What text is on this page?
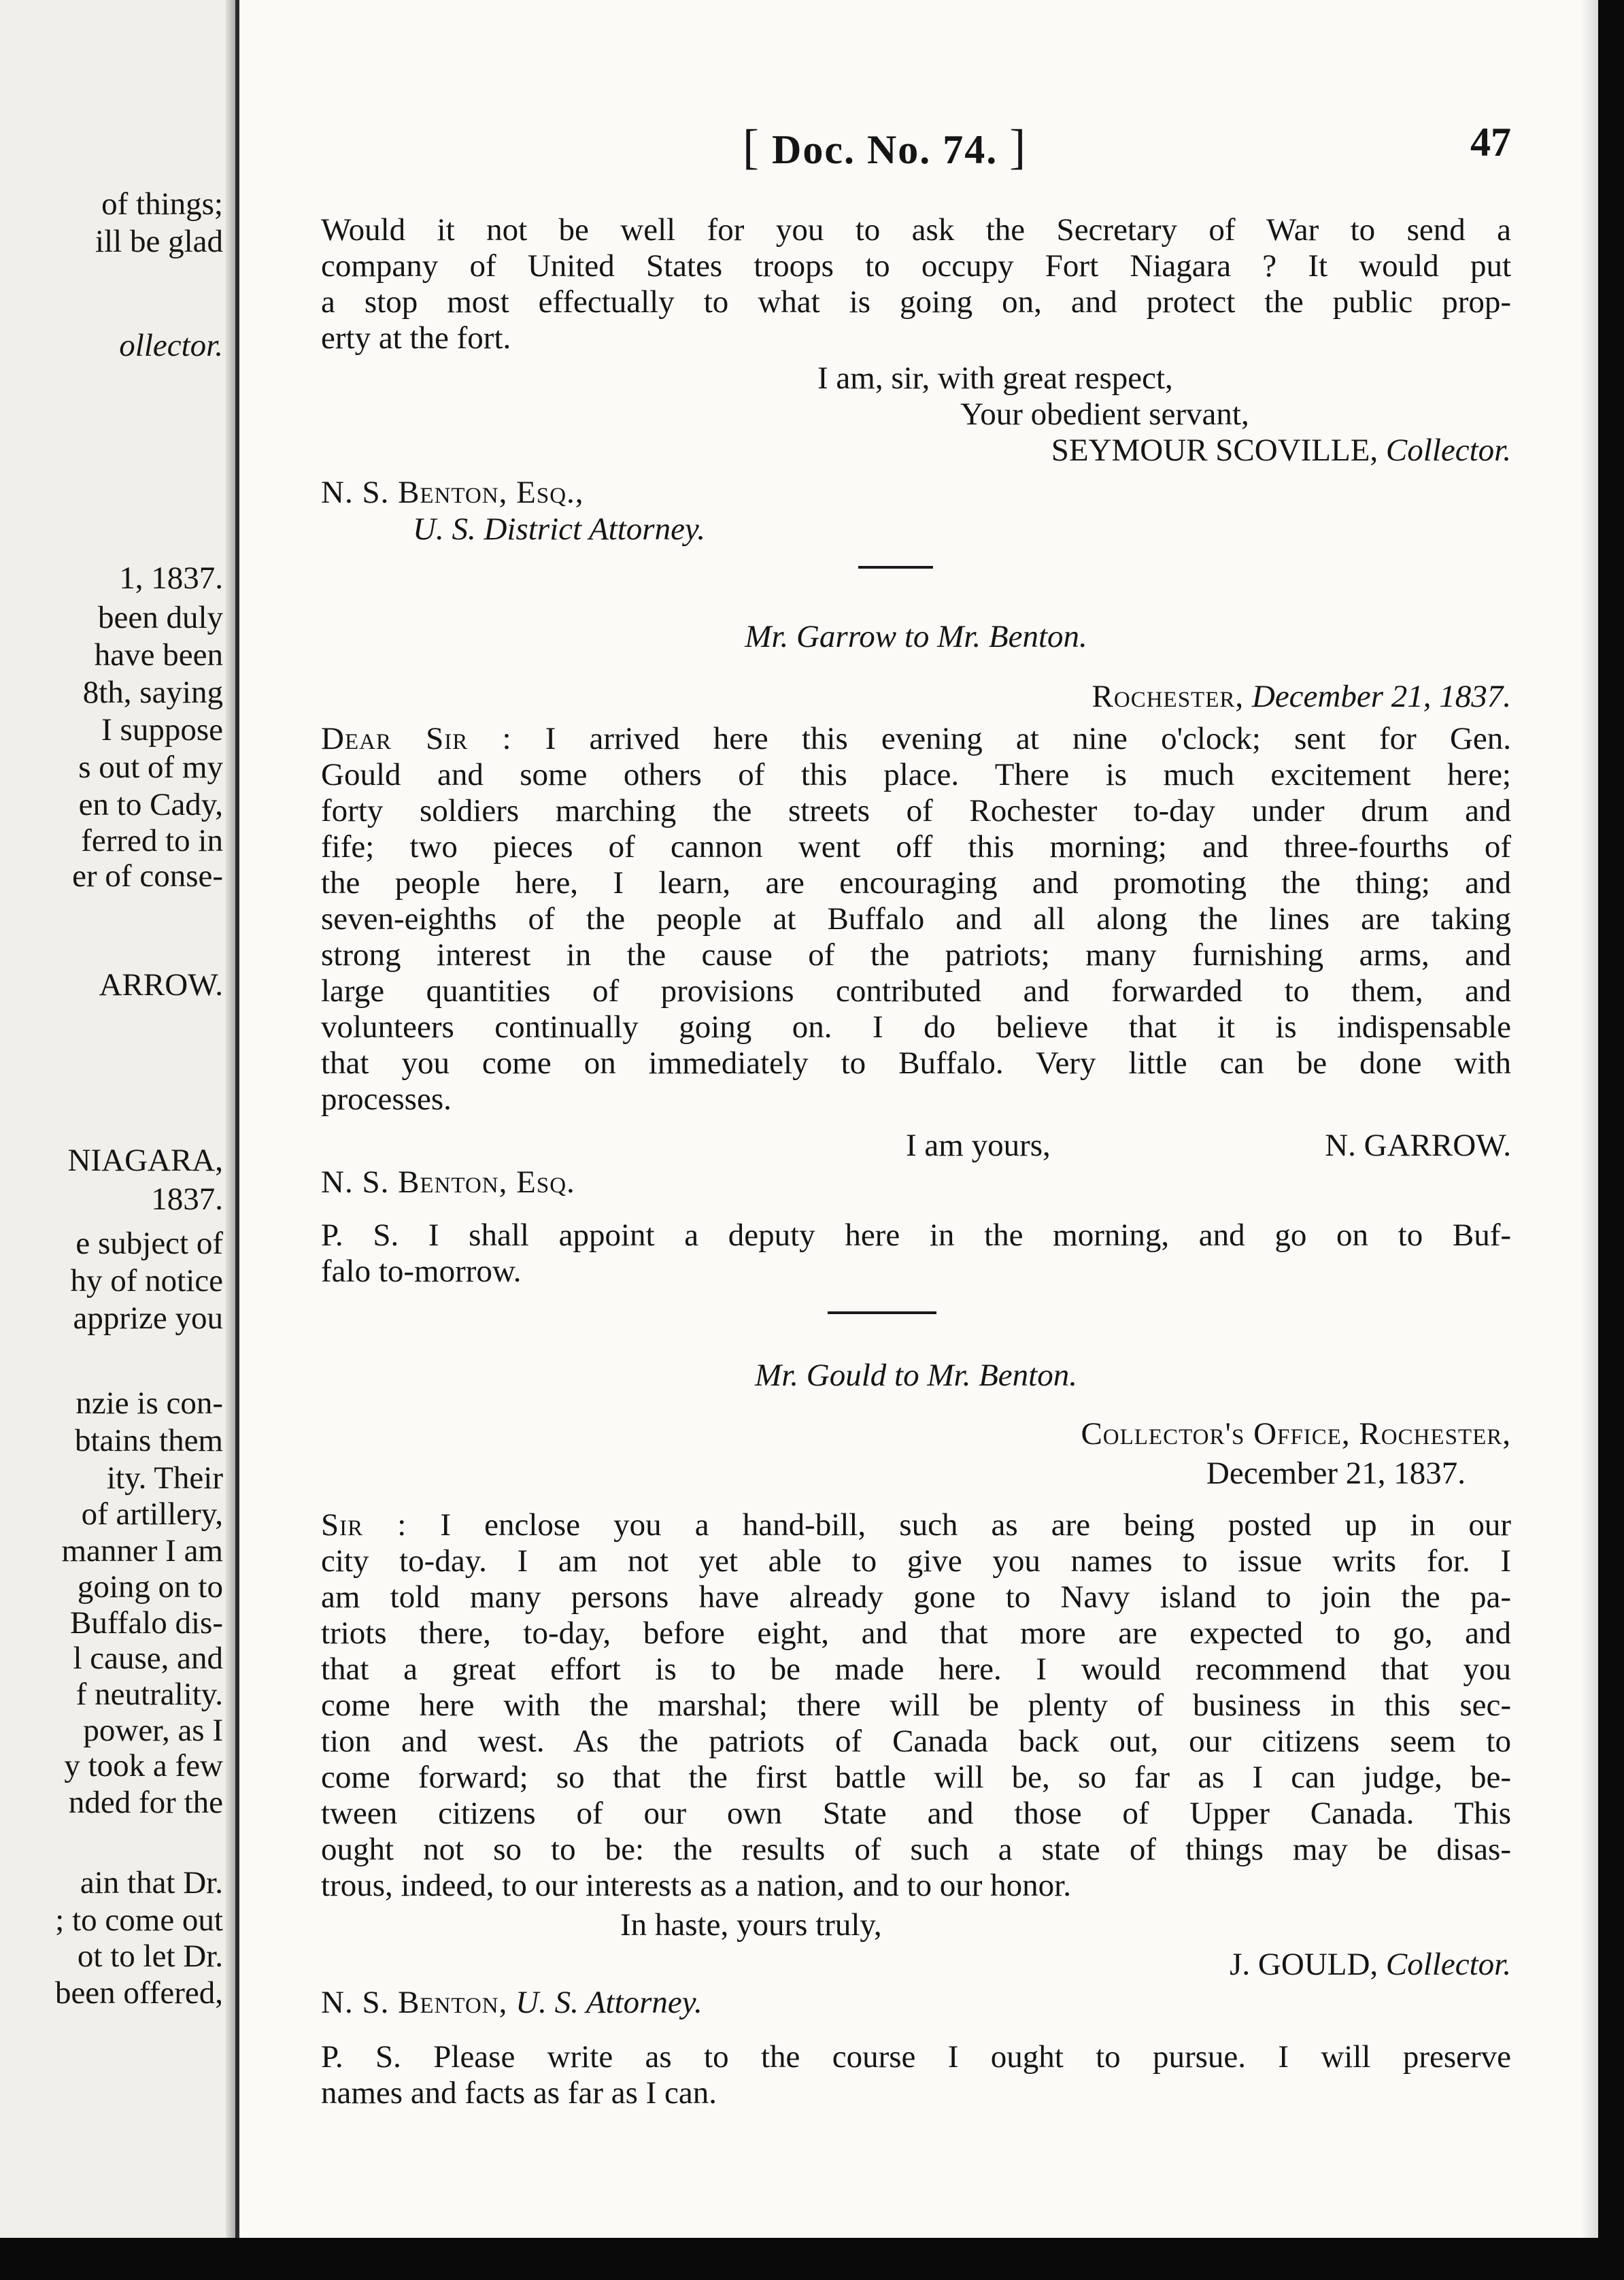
of things;
ill be glad
ollector.
1, 1837.
been duly
have been
8th, saying
I suppose
s out of my
en to Cady,
ferred to in
er of conse-
ARROW.
NIAGARA,
1837.
e subject of
hy of notice
apprize you
nzie is con-
btains them
ity. Their
of artillery,
manner I am
going on to
Buffalo dis-
l cause, and
f neutrality.
power, as I
y took a few
nded for the
ain that Dr.
; to come out
ot to let Dr.
been offered,
[ Doc. No. 74. ]	47
Would it not be well for you to ask the Secretary of War to send a
company of United States troops to occupy Fort Niagara ? It would put
a stop most effectually to what is going on, and protect the public prop-
erty at the fort.
I am, sir, with great respect,
Your obedient servant,
SEYMOUR SCOVILLE, Collector.
N. S. Benton, Esq.,
U. S. District Attorney.
Mr. Garrow to Mr. Benton.
Rochester, December 21, 1837.
Dear Sir : I arrived here this evening at nine o'clock; sent for Gen.
Gould and some others of this place. There is much excitement here;
forty soldiers marching the streets of Rochester to-day under drum and
fife; two pieces of cannon went off this morning; and three-fourths of
the people here, I learn, are encouraging and promoting the thing; and
seven-eighths of the people at Buffalo and all along the lines are taking
strong interest in the cause of the patriots; many furnishing arms, and
large quantities of provisions contributed and forwarded to them, and
volunteers continually going on. I do believe that it is indispensable
that you come on immediately to Buffalo. Very little can be done with
processes.
I am yours,	N. GARROW.
N. S. Benton, Esq.
P. S. I shall appoint a deputy here in the morning, and go on to Buf-
falo to-morrow.
Mr. Gould to Mr. Benton.
Collector's Office, Rochester,
December 21, 1837.
Sir : I enclose you a hand-bill, such as are being posted up in our
city to-day. I am not yet able to give you names to issue writs for. I
am told many persons have already gone to Navy island to join the pa-
triots there, to-day, before eight, and that more are expected to go, and
that a great effort is to be made here. I would recommend that you
come here with the marshal; there will be plenty of business in this sec-
tion and west. As the patriots of Canada back out, our citizens seem to
come forward; so that the first battle will be, so far as I can judge, be-
tween citizens of our own State and those of Upper Canada. This
ought not so to be: the results of such a state of things may be disas-
trous, indeed, to our interests as a nation, and to our honor.
In haste, yours truly,
J. GOULD, Collector.
N. S. Benton, U. S. Attorney.
P. S. Please write as to the course I ought to pursue. I will preserve
names and facts as far as I can.
